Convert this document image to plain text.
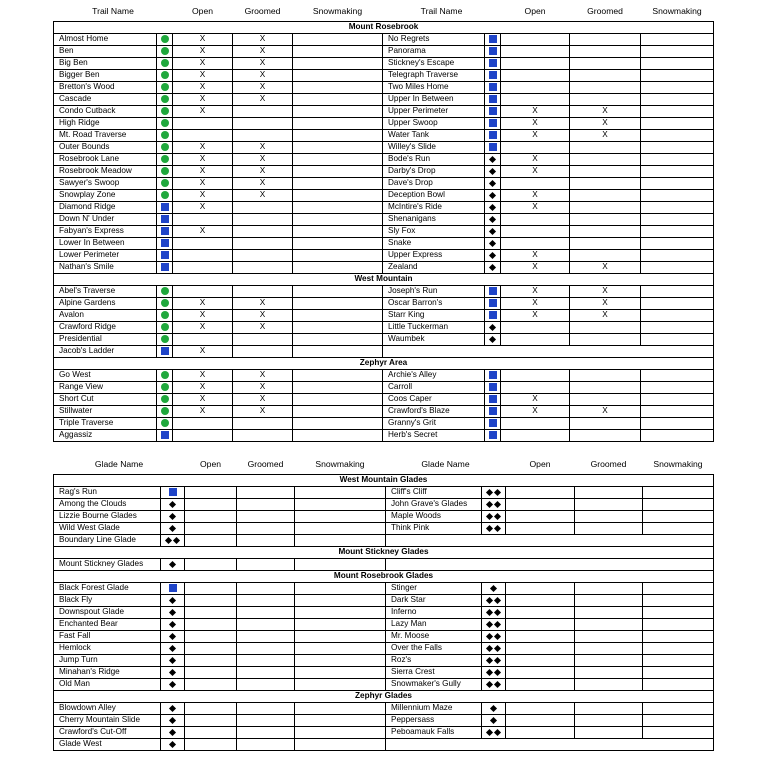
Trail Name		Open	Groomed	Snowmaking	Trail Name		Open	Groomed	Snowmaking
Mount Rosebrook									
Almost Home		X	X		No Regrets				
Ben		X	X		Panorama				
Big Ben		X	X		Stickney's Escape				
Bigger Ben		X	X		Telegraph Traverse				
Bretton's Wood		X	X		Two Miles Home				
Cascade		X	X		Upper In Between				
Condo Cutback		X			Upper Perimeter		X	X	
High Ridge					Upper Swoop		X	X	
Mt. Road Traverse					Water Tank		X	X	
Outer Bounds		X	X		Willey's Slide				
Rosebrook Lane		X	X		Bode's Run		X		
Rosebrook Meadow		X	X		Darby's Drop		X		
Sawyer's Swoop		X	X		Dave's Drop				
Snowplay Zone		X	X		Deception Bowl		X		
Diamond Ridge		X			McIntire's Ride		X		
Down N' Under					Shenanigans				
Fabyan's Express		X			Sly Fox				
Lower In Between					Snake				
Lower Perimeter					Upper Express		X		
Nathan's Smile					Zealand		X	X	
West Mountain									
Abel's Traverse					Joseph's Run		X	X	
Alpine Gardens		X	X		Oscar Barron's		X	X	
Avalon		X	X		Starr King		X	X	
Crawford Ridge		X	X		Little Tuckerman				
Presidential					Waumbek				
Jacob's Ladder		X							
Zephyr Area									
Go West		X	X		Archie's Alley				
Range View		X	X		Carroll				
Short Cut		X	X		Coos Caper		X		
Stillwater		X	X		Crawford's Blaze		X	X	
Triple Traverse					Granny's Grit				
Aggassiz					Herb's Secret				
Glade Name		Open	Groomed	Snowmaking	Glade Name		Open	Groomed	Snowmaking
West Mountain Glades									
Rag's Run					Cliff's Cliff				
Among the Clouds					John Grave's Glades				
Lizzie Bourne Glades					Maple Woods				
Wild West Glade					Think Pink				
Boundary Line Glade									
Mount Stickney Glades									
Mount Stickney Glades									
Mount Rosebrook Glades									
Black Forest Glade					Stinger				
Black Fly					Dark Star				
Downspout Glade					Inferno				
Enchanted Bear					Lazy Man				
Fast Fall					Mr. Moose				
Hemlock					Over the Falls				
Jump Turn					Roz's				
Minahan's Ridge					Sierra Crest				
Old Man					Snowmaker's Gully				
Zephyr Glades									
Blowdown Alley					Millennium Maze				
Cherry Mountain Slide					Peppersass				
Crawford's Cut-Off					Peboamauk Falls				
Glade West									
